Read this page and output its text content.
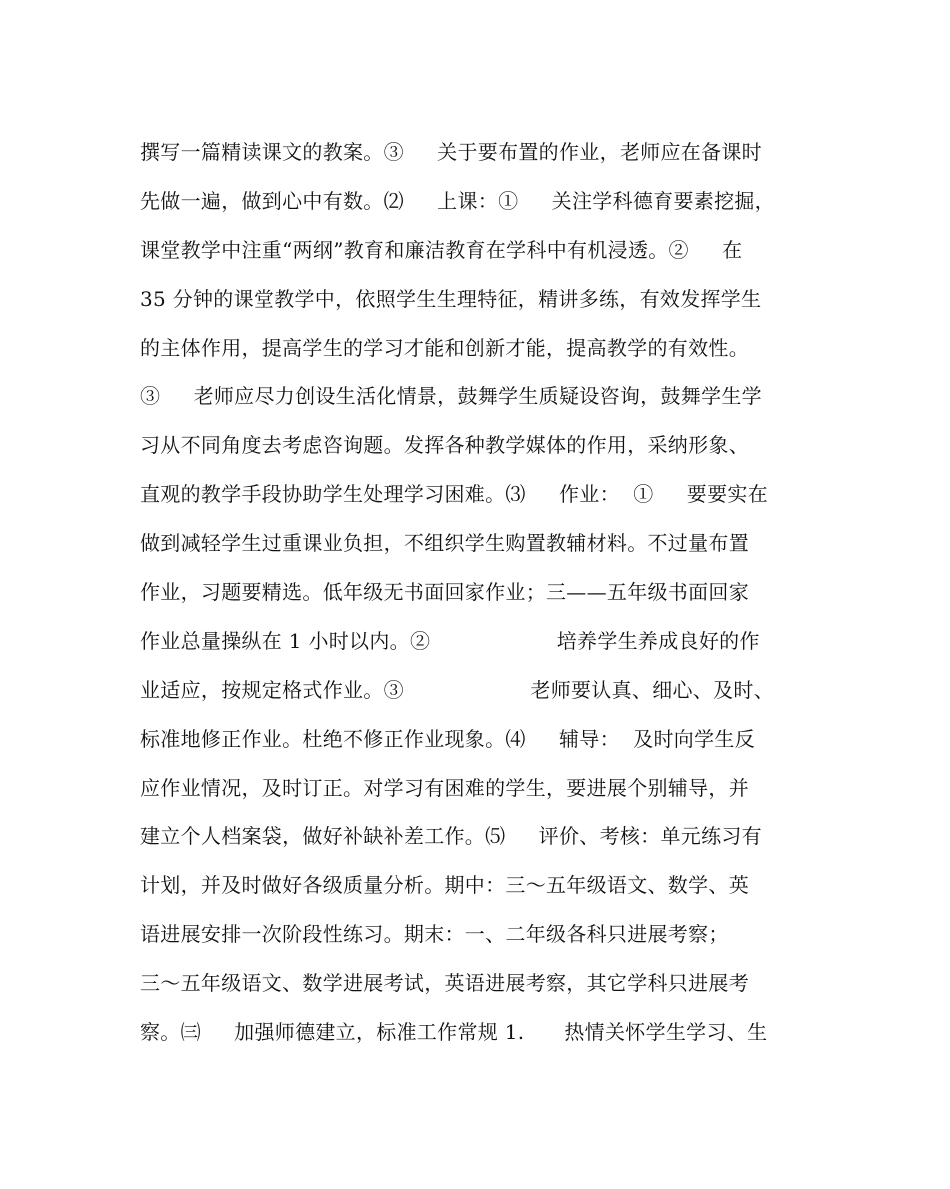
撰写一篇精读课文的教案。③     关于要布置的作业，老师应在备课时
先做一遍，做到心中有数。⑵     上课：①     关注学科德育要素挖掘，
课堂教学中注重“两纲”教育和廉洁教育在学科中有机浸透。②     在
35 分钟的课堂教学中，依照学生生理特征，精讲多练，有效发挥学生
的主体作用，提高学生的学习才能和创新才能，提高教学的有效性。
③     老师应尽力创设生活化情景，鼓舞学生质疑设咨询，鼓舞学生学
习从不同角度去考虑咨询题。发挥各种教学媒体的作用，采纳形象、
直观的教学手段协助学生处理学习困难。⑶     作业：  ①     要要实在
做到减轻学生过重课业负担，不组织学生购置教辅材料。不过量布置
作业，习题要精选。低年级无书面回家作业；三——五年级书面回家
作业总量操纵在 1 小时以内。②                   培养学生养成良好的作
业适应，按规定格式作业。③                   老师要认真、细心、及时、
标准地修正作业。杜绝不修正作业现象。⑷     辅导：  及时向学生反
应作业情况，及时订正。对学习有困难的学生，要进展个别辅导，并
建立个人档案袋，做好补缺补差工作。⑸     评价、考核：单元练习有
计划，并及时做好各级质量分析。期中：三～五年级语文、数学、英
语进展安排一次阶段性练习。期末：一、二年级各科只进展考察；
三～五年级语文、数学进展考试，英语进展考察，其它学科只进展考
察。㈢     加强师德建立，标准工作常规 1.      热情关怀学生学习、生
